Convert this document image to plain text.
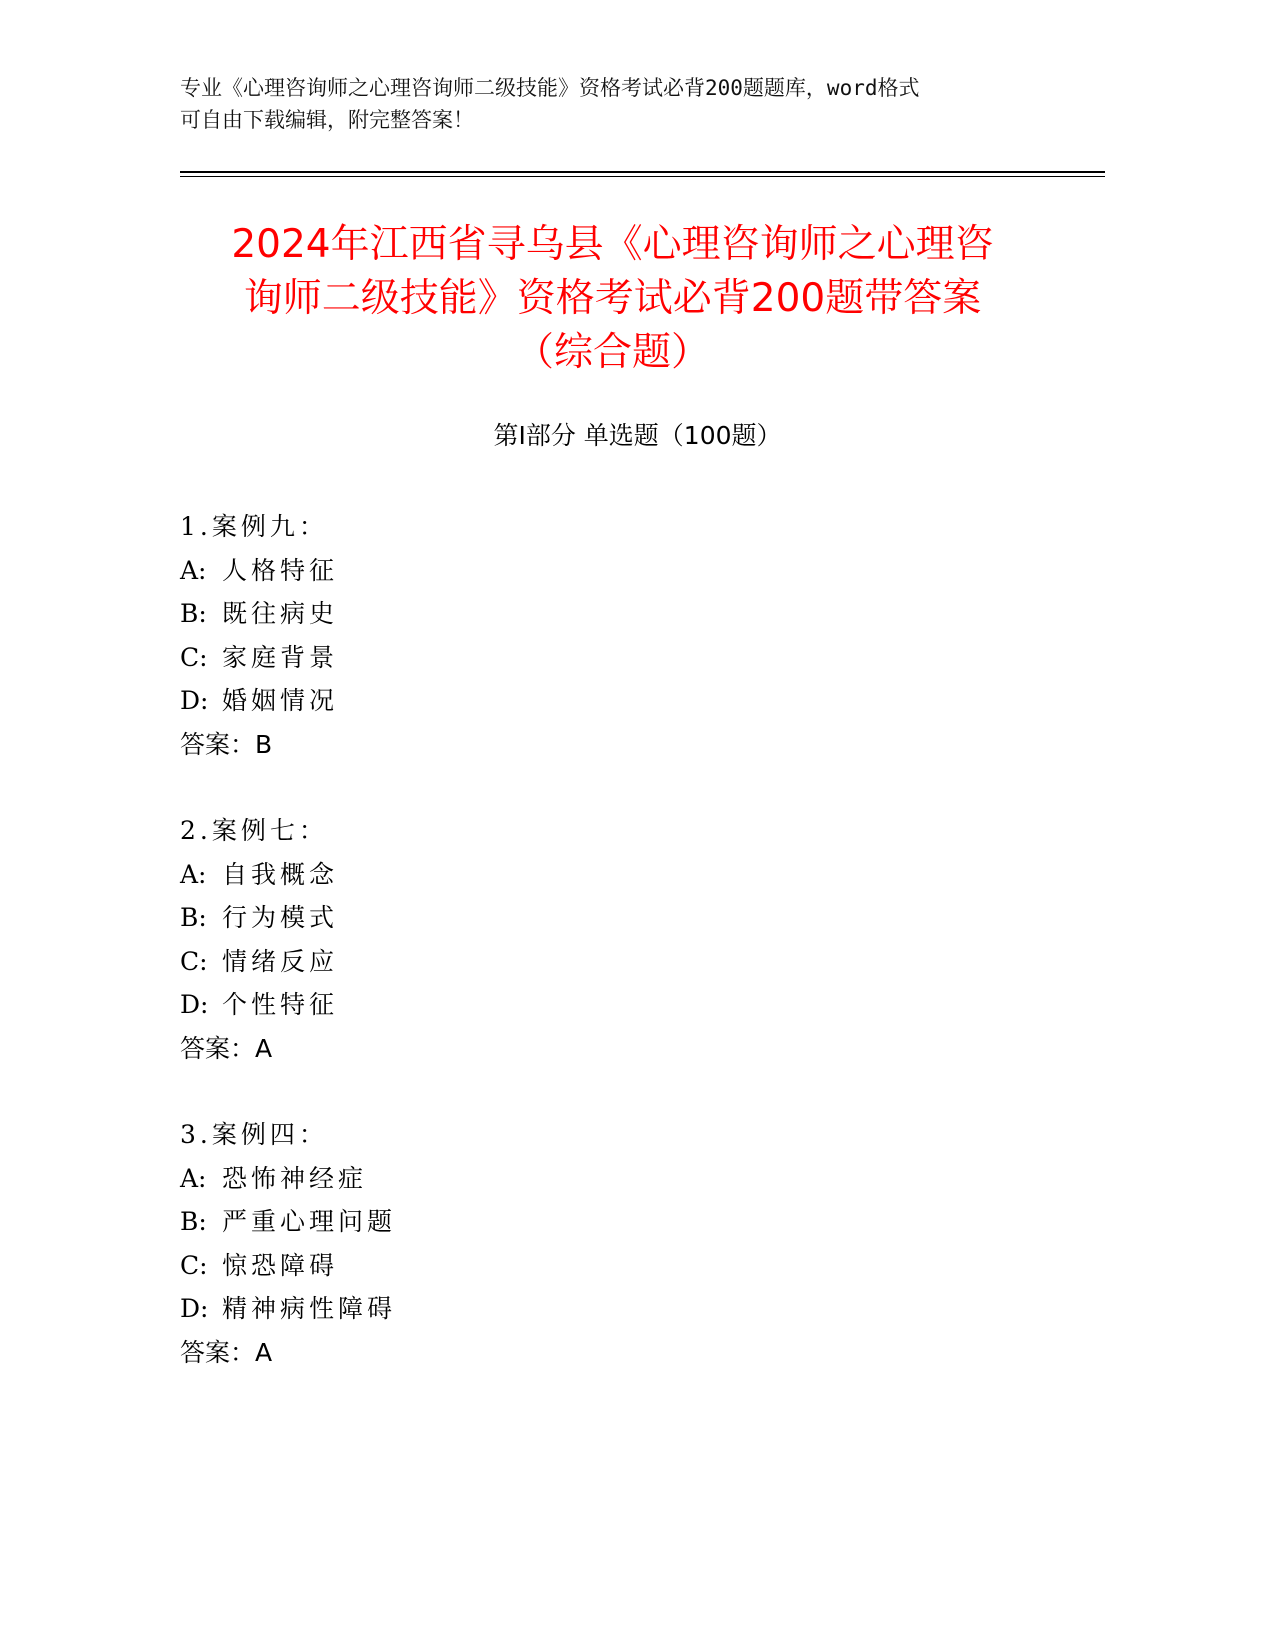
专业《心理咨询师之心理咨询师二级技能》资格考试必背200题题库，word格式
可自由下载编辑，附完整答案！
2024年江西省寻乌县《心理咨询师之心理咨
询师二级技能》资格考试必背200题带答案
（综合题）
第Ⅰ部分 单选题（100题）
1.案例九：
A: 人格特征
B: 既往病史
C: 家庭背景
D: 婚姻情况
答案：B
2.案例七：
A: 自我概念
B: 行为模式
C: 情绪反应
D: 个性特征
答案：A
3.案例四：
A: 恐怖神经症
B: 严重心理问题
C: 惊恐障碍
D: 精神病性障碍
答案：A
